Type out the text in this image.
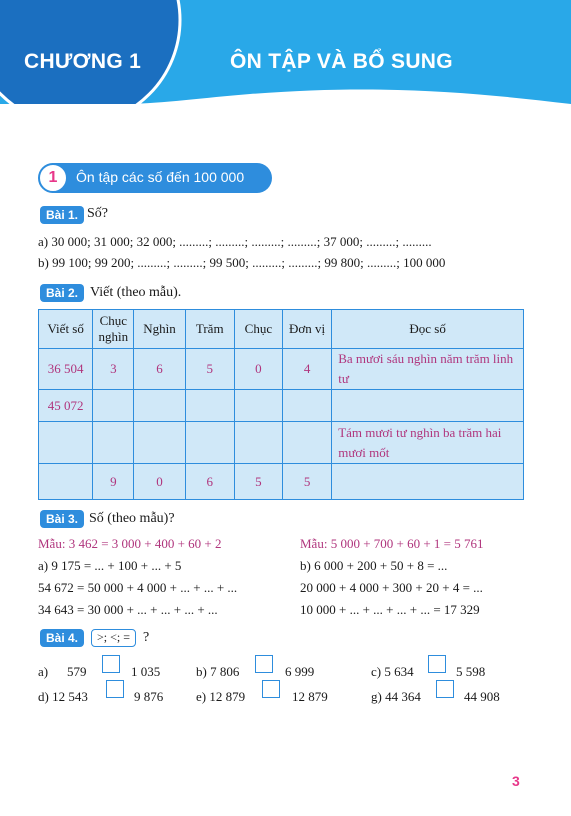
CHƯƠNG 1	ÔN TẬP VÀ BỔ SUNG
1	Ôn tập các số đến 100 000
Bài 1. Số?
a) 30 000; 31 000; 32 000; .........; .........; .........; .........; 37 000; .........; .........
b) 99 100; 99 200; .........; .........; 99 500; .........; .........; 99 800; .........; 100 000
Bài 2. Viết (theo mẫu).
Viết số	Chục nghìn	Nghìn	Trăm	Chục	Đơn vị	Đọc số
36 504	3	6	5	0	4	Ba mươi sáu nghìn năm trăm linh tư
45 072						
						Tám mươi tư nghìn ba trăm hai mươi mốt
	9	0	6	5	5	
Bài 3. Số (theo mẫu)?
Mẫu: 3 462 = 3 000 + 400 + 60 + 2
a) 9 175 = ... + 100 + ... + 5
54 672 = 50 000 + 4 000 + ... + ... + ...
34 643 = 30 000 + ... + ... + ... + ...
Mẫu: 5 000 + 700 + 60 + 1 = 5 761
b) 6 000 + 200 + 50 + 8 = ...
20 000 + 4 000 + 300 + 20 + 4 = ...
10 000 + ... + ... + ... + ... = 17 329
Bài 4.	>; <; = ?
a) 579	1 035	b) 7 806	6 999	c) 5 634	5 598
d) 12 543	9 876	e) 12 879	12 879	g) 44 364	44 908
3
